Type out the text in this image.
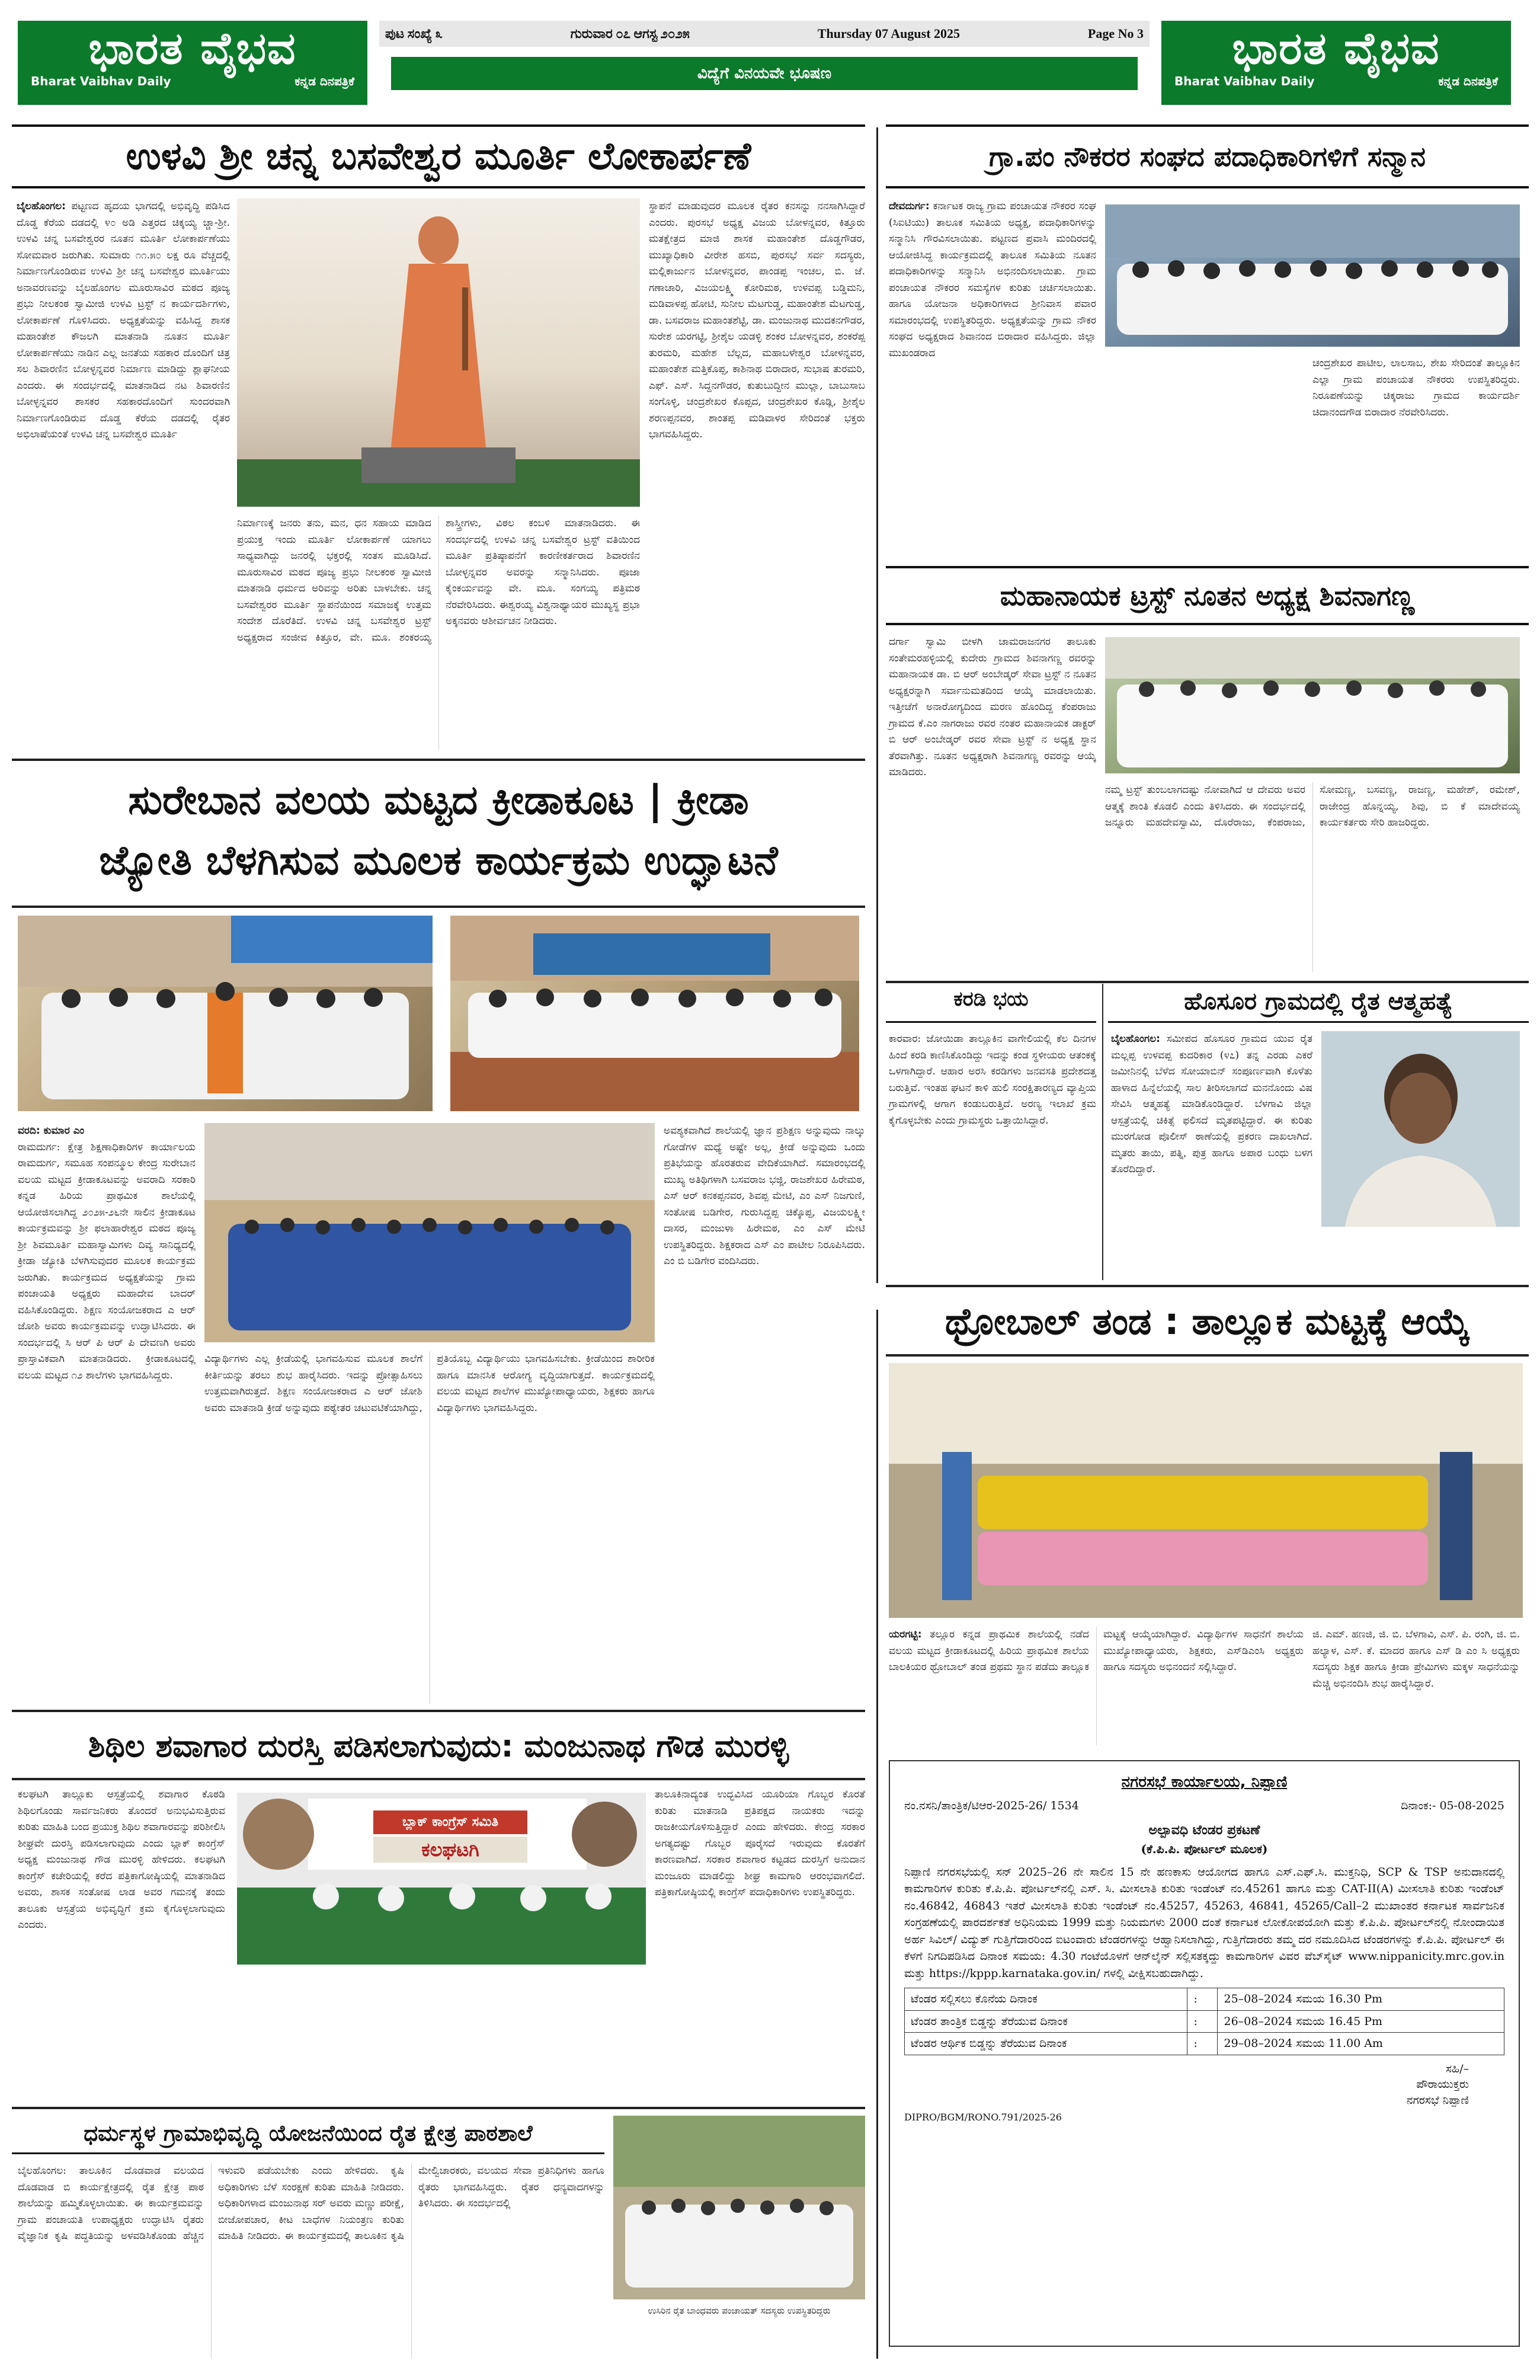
ಭಾರತ ವೈಭವ
Bharat Vaibhav Daily	ಕನ್ನಡ ದಿನಪತ್ರಿಕೆ
ಪುಟ ಸಂಖ್ಯೆ ೩	ಗುರುವಾರ ೦೭ ಆಗಸ್ಟ ೨೦೨೫	Thursday 07 August 2025	Page No 3
ವಿದ್ಯೆಗೆ ವಿನಯವೇ ಭೂಷಣ	ಭಾರತ ವೈಭವ
Bharat Vaibhav Daily	ಕನ್ನಡ ದಿನಪತ್ರಿಕೆ
ಉಳವಿ ಶ್ರೀ ಚನ್ನ ಬಸವೇಶ್ವರ ಮೂರ್ತಿ ಲೋಕಾರ್ಪಣೆ
ಬೈಲಹೊಂಗಲ: ಪಟ್ಟಣದ ಹೃದಯ ಭಾಗದಲ್ಲಿ ಅಭಿವೃದ್ಧಿ ಪಡಿಸಿದ ದೊಡ್ಡ ಕೆರೆಯ ದಡದಲ್ಲಿ ೪೦ ಅಡಿ ಎತ್ತರದ ಚಿಕ್ಕಯ್ಯ ಚ್ಚಾ-ಶ್ರೀ. ಉಳವಿ ಚನ್ನ ಬಸವೇಶ್ವರರ ನೂತನ ಮೂರ್ತಿ ಲೋಕಾರ್ಪಣೆಯು ಸೋಮವಾರ ಜರುಗಿತು. ಸುಮಾರು ೧೧.೫೦ ಲಕ್ಷ ರೂ ವೆಚ್ಚದಲ್ಲಿ ನಿರ್ಮಾಣಗೊಂಡಿರುವ ಉಳವಿ ಶ್ರೀ ಚನ್ನ ಬಸವೇಶ್ವರ ಮೂರ್ತಿಯು ಅನಾವರಣವನ್ನು ಬೈಲಹೊಂಗಲ ಮೂರುಸಾವಿರ ಮಠದ ಪೂಜ್ಯ ಪ್ರಭು ನೀಲಕಂಠ ಸ್ವಾಮೀಜಿ ಉಳವಿ ಟ್ರಸ್ಟ್ ನ ಕಾರ್ಯದರ್ಶಿಗಳು, ಲೋಕಾರ್ಪಣೆ ಗೊಳಿಸಿದರು. ಅಧ್ಯಕ್ಷತೆಯನ್ನು ವಹಿಸಿದ್ದ ಶಾಸಕ ಮಹಾಂತೇಶ ಕೌಜಲಗಿ ಮಾತನಾಡಿ ನೂತನ ಮೂರ್ತಿ ಲೋಕಾರ್ಪಣೆಯು ನಾಡಿನ ಎಲ್ಲ ಜನತೆಯ ಸಹಕಾರ ದೊಂದಿಗೆ ಚಿತ್ರ ಸಲ ಶಿವಾರಣಿನ ಬೋಳ್ಳನ್ನವರ ನಿರ್ಮಾಣ ಮಾಡಿದ್ದು ಶ್ಲಾಘನೀಯ ಎಂದರು. ಈ ಸಂದರ್ಭದಲ್ಲಿ ಮಾತನಾಡಿದ ನಟ ಶಿವಾರಣಿನ ಬೋಳ್ಳನ್ನವರ ಶಾಸಕರ ಸಹಕಾರದೊಂದಿಗೆ ಸುಂದರವಾಗಿ ನಿರ್ಮಾಣಗೊಂಡಿರುವ ದೊಡ್ಡ ಕೆರೆಯ ದಡದಲ್ಲಿ ರೈತರ ಅಭಿಲಾಷೆಯಂತೆ ಉಳವಿ ಚನ್ನ ಬಸವೇಶ್ವರ ಮೂರ್ತಿ
ನಿರ್ಮಾಣಕ್ಕೆ ಜನರು ತನು, ಮನ, ಧನ ಸಹಾಯ ಮಾಡಿದ ಪ್ರಯುಕ್ತ ಇಂದು ಮೂರ್ತಿ ಲೋಕಾರ್ಪಣೆ ಯಾಗಲು ಸಾಧ್ಯವಾಗಿದ್ದು ಜನರಲ್ಲಿ ಭಕ್ತರಲ್ಲಿ ಸಂತಸ ಮೂಡಿಸಿದೆ. ಮೂರುಸಾವಿರ ಮಠದ ಪೂಜ್ಯ ಪ್ರಭು ನೀಲಕಂಠ ಸ್ವಾಮೀಜಿ ಮಾತನಾಡಿ ಧರ್ಮದ ಅರಿವನ್ನು ಅರಿತು ಬಾಳಬೇಕು. ಚನ್ನ ಬಸವೇಶ್ವರರ ಮೂರ್ತಿ ಸ್ಥಾಪನೆಯಿಂದ ಸಮಾಜಕ್ಕೆ ಉತ್ತಮ ಸಂದೇಶ ದೊರೆತಿದೆ. ಉಳವಿ ಚನ್ನ ಬಸವೇಶ್ವರ ಟ್ರಸ್ಟ್ ಅಧ್ಯಕ್ಷರಾದ ಸಂಜೀವ ಕಿತ್ತೂರ, ವೇ. ಮೂ. ಶಂಕರಯ್ಯ ಶಾಸ್ತ್ರೀಗಳು, ವಿಠಲ ಕಂಬಳಿ ಮಾತನಾಡಿದರು. ಈ ಸಂದರ್ಭದಲ್ಲಿ ಉಳವಿ ಚನ್ನ ಬಸವೇಶ್ವರ ಟ್ರಸ್ಟ್ ವತಿಯಿಂದ ಮೂರ್ತಿ ಪ್ರತಿಷ್ಠಾಪನೆಗೆ ಕಾರಣೀಕರ್ತರಾದ ಶಿವಾರಣಿನ ಬೋಳ್ಳನ್ನವರ ಅವರನ್ನು ಸನ್ಮಾನಿಸಿದರು. ಪೂಜಾ ಕೈಂಕರ್ಯವನ್ನು ವೇ. ಮೂ. ಸಂಗಯ್ಯ ಪತ್ರಿಮಠ ನೆರವೇರಿಸಿದರು. ಈಶ್ವರಯ್ಯ ವಿಶ್ವನಾಥ್ಯಾಯರ ಮುಖ್ಯಸ್ಥ ಪ್ರಭಾ ಅಕ್ಕನವರು ಆಶೀರ್ವಚನ ನೀಡಿದರು.
ಸ್ಥಾಪನೆ ಮಾಡುವುದರ ಮೂಲಕ ರೈತರ ಕನಸನ್ನು ನನಸಾಗಿಸಿದ್ದಾರೆ ಎಂದರು. ಪುರಸಭೆ ಅಧ್ಯಕ್ಷ ವಿಜಯ ಬೋಳನ್ನವರ, ಕಿತ್ತೂರು ಮತಕ್ಷೇತ್ರದ ಮಾಜಿ ಶಾಸಕ ಮಹಾಂತೇಶ ದೊಡ್ಡಗೌಡರ, ಮುಖ್ಯಾಧಿಕಾರಿ ವೀರೇಶ ಹಸಬಿ, ಪುರಸಭೆ ಸರ್ವ ಸದಸ್ಯರು, ಮಲ್ಲಿಕಾರ್ಜುನ ಬೋಳನ್ನವರ, ಪಾಂಡಪ್ಪ ಇಂಚಲ, ಬಿ. ಜೆ. ಗಣಾಚಾರಿ, ವಿಜಯಲಕ್ಷ್ಮಿ ಕೋರಿಮಠ, ಉಳವಪ್ಪ ಬಡ್ಡಿಮನಿ, ಮಡಿವಾಳಪ್ಪ ಹೋಟಿ, ಸುನೀಲ ಮೆಟಗುಡ್ಡ, ಮಹಾಂತೇಶ ಮೆಟಗುಡ್ಡ, ಡಾ. ಬಸವರಾಜ ಮಹಾಂತಶೆಟ್ಟಿ, ಡಾ. ಮಂಜುನಾಥ ಮುದಕನಗೌಡರ, ಸುರೇಶ ಯರಗಟ್ಟಿ, ಶ್ರೀಶೈಲ ಯಡಳ್ಳಿ ಶಂಕರ ಬೋಳನ್ನವರ, ಶಂಕರೆಪ್ಪ ತುರಮರಿ, ಮಹೇಶ ಬೆಲ್ಲದ, ಮಹಾಬಳೇಶ್ವರ ಬೋಳನ್ನವರ, ಮಹಾಂತೇಶ ಮತ್ತಿಕೊಪ್ಪ, ಕಾಶಿನಾಥ ಬಿರಾದಾರ, ಸುಭಾಷ ತುರಮರಿ, ಎಫ್. ಎಸ್. ಸಿದ್ದನಗೌಡರ, ಕುತುಬುದ್ದೀನ ಮುಲ್ಲಾ, ಬಾಬುಸಾಬ ಸಂಗೊಳ್ಳಿ, ಚಂದ್ರಶೇಖರ ಕೊಪ್ಪದ, ಚಂದ್ರಶೇಖರ ಕೊಡ್ಲಿ, ಶ್ರೀಶೈಲ ಶರಣಪ್ಪನವರ, ಶಾಂತಪ್ಪ ಮಡಿವಾಳರ ಸೇರಿದಂತೆ ಭಕ್ತರು ಭಾಗವಹಿಸಿದ್ದರು.
ಗ್ರಾ.ಪಂ ನೌಕರರ ಸಂಘದ ಪದಾಧಿಕಾರಿಗಳಿಗೆ ಸನ್ಮಾನ
ದೇವದುರ್ಗ: ಕರ್ನಾಟಕ ರಾಜ್ಯ ಗ್ರಾಮ ಪಂಚಾಯತ ನೌಕರರ ಸಂಘ (ಸಿಐಟಿಯು) ತಾಲೂಕ ಸಮಿತಿಯ ಅಧ್ಯಕ್ಷ, ಪದಾಧಿಕಾರಿಗಳನ್ನು ಸನ್ಮಾನಿಸಿ ಗೌರವಿಸಲಾಯಿತು. ಪಟ್ಟಣದ ಪ್ರವಾಸಿ ಮಂದಿರದಲ್ಲಿ ಆಯೋಜಿಸಿದ್ದ ಕಾರ್ಯಕ್ರಮದಲ್ಲಿ ತಾಲೂಕ ಸಮಿತಿಯ ನೂತನ ಪದಾಧಿಕಾರಿಗಳನ್ನು ಸನ್ಮಾನಿಸಿ ಅಭಿನಂದಿಸಲಾಯಿತು. ಗ್ರಾಮ ಪಂಚಾಯತ ನೌಕರರ ಸಮಸ್ಯೆಗಳ ಕುರಿತು ಚರ್ಚಿಸಲಾಯಿತು. ಹಾಗೂ ಯೋಜನಾ ಅಧಿಕಾರಿಗಳಾದ ಶ್ರೀನಿವಾಸ ಪವಾರ ಸಮಾರಂಭದಲ್ಲಿ ಉಪಸ್ಥಿತರಿದ್ದರು. ಅಧ್ಯಕ್ಷತೆಯನ್ನು ಗ್ರಾಮ ನೌಕರ ಸಂಘದ ಅಧ್ಯಕ್ಷರಾದ ಶಿವಾನಂದ ಬಿರಾದಾರ ವಹಿಸಿದ್ದರು. ಜಿಲ್ಲಾ ಮುಖಂಡರಾದ
ಚಂದ್ರಶೇಖರ ಪಾಟೀಲ, ಲಾಲಸಾಬ, ಶೇಖ ಸೇರಿದಂತೆ ತಾಲ್ಲೂಕಿನ ಎಲ್ಲಾ ಗ್ರಾಮ ಪಂಚಾಯತ ನೌಕರರು ಉಪಸ್ಥಿತರಿದ್ದರು. ನಿರೂಪಣೆಯನ್ನು ಚಿಕ್ಕರಾಜು ಗ್ರಾಮದ ಕಾರ್ಯದರ್ಶಿ ಚಿದಾನಂದಗೌಡ ಬಿರಾದಾರ ನೆರವೇರಿಸಿದರು.
ಮಹಾನಾಯಕ ಟ್ರಸ್ಟ್ ನೂತನ ಅಧ್ಯಕ್ಷ ಶಿವನಾಗಣ್ಣ
ದರ್ಗಾ ಸ್ವಾಮಿ ಬೀಳಗಿ ಚಾಮರಾಜನಗರ ತಾಲೂಕು ಸಂತೇಮರಹಳ್ಳಿಯಲ್ಲಿ ಕುದೇರು ಗ್ರಾಮದ ಶಿವನಾಗಣ್ಣ ರವರನ್ನು ಮಹಾನಾಯಕ ಡಾ. ಬಿ ಆರ್ ಅಂಬೇಡ್ಕರ್ ಸೇವಾ ಟ್ರಸ್ಟ್ ನ ನೂತನ ಅಧ್ಯಕ್ಷರನ್ನಾಗಿ ಸರ್ವಾನುಮತದಿಂದ ಆಯ್ಕೆ ಮಾಡಲಾಯಿತು. ಇತ್ತೀಚೆಗೆ ಅನಾರೋಗ್ಯದಿಂದ ಮರಣ ಹೊಂದಿದ್ದ ಕೆಂಪರಾಜು ಗ್ರಾಮದ ಕೆ.ಎಂ ನಾಗರಾಜು ರವರ ನಂತರ ಮಹಾನಾಯಕ ಡಾಕ್ಟರ್ ಬಿ ಆರ್ ಅಂಬೇಡ್ಕರ್ ರವರ ಸೇವಾ ಟ್ರಸ್ಟ್ ನ ಅಧ್ಯಕ್ಷ ಸ್ಥಾನ ತೆರವಾಗಿತ್ತು. ನೂತನ ಅಧ್ಯಕ್ಷರಾಗಿ ಶಿವನಾಗಣ್ಣ ರವರನ್ನು ಆಯ್ಕೆ ಮಾಡಿದರು.
ನಮ್ಮ ಟ್ರಸ್ಟ್ ತುಂಬಲಾಗದಷ್ಟು ನೋವಾಗಿದೆ ಆ ದೇವರು ಅವರ ಆತ್ಮಕ್ಕೆ ಶಾಂತಿ ಕೊಡಲಿ ಎಂದು ತಿಳಿಸಿದರು. ಈ ಸಂದರ್ಭದಲ್ಲಿ ಜನ್ನೂರು ಮಹದೇವಸ್ವಾಮಿ, ದೊರೆರಾಜು, ಕೆಂಪರಾಜು, ಸೋಮಣ್ಣ, ಬಸವಣ್ಣ, ರಾಜಣ್ಣ, ಮಹೇಶ್, ರಮೇಶ್, ರಾಜೇಂದ್ರ ಹೊನ್ನಯ್ಯ, ಶಿವು, ಬಿ ಕೆ ಮಾದೇವಯ್ಯ ಕಾರ್ಯಕರ್ತರು ಸೇರಿ ಹಾಜರಿದ್ದರು.
ಸುರೇಬಾನ ವಲಯ ಮಟ್ಟದ ಕ್ರೀಡಾಕೂಟ | ಕ್ರೀಡಾ
ಜ್ಯೋತಿ ಬೆಳಗಿಸುವ ಮೂಲಕ ಕಾರ್ಯಕ್ರಮ ಉದ್ಘಾಟನೆ
ವರದಿ: ಕುಮಾರ ಎಂ
ರಾಮದುರ್ಗ: ಕ್ಷೇತ್ರ ಶಿಕ್ಷಣಾಧಿಕಾರಿಗಳ ಕಾರ್ಯಾಲಯ ರಾಮದುರ್ಗ, ಸಮೂಹ ಸಂಪನ್ಮೂಲ ಕೇಂದ್ರ ಸುರೇಬಾನ ವಲಯ ಮಟ್ಟದ ಕ್ರೀಡಾಕೂಟವನ್ನು ಅವರಾದಿ ಸರಕಾರಿ ಕನ್ನಡ ಹಿರಿಯ ಪ್ರಾಥಮಿಕ ಶಾಲೆಯಲ್ಲಿ ಆಯೋಜಿಸಲಾಗಿದ್ದ ೨೦೨೫-೨೬ನೇ ಸಾಲಿನ ಕ್ರೀಡಾಕೂಟ ಕಾರ್ಯಕ್ರಮವನ್ನು ಶ್ರೀ ಫಲಾಹಾರೇಶ್ವರ ಮಠದ ಪೂಜ್ಯ ಶ್ರೀ ಶಿವಮೂರ್ತಿ ಮಹಾಸ್ವಾಮಿಗಳು ದಿವ್ಯ ಸಾನಿಧ್ಯದಲ್ಲಿ ಕ್ರೀಡಾ ಜ್ಯೋತಿ ಬೆಳಗಿಸುವುದರ ಮೂಲಕ ಕಾರ್ಯಕ್ರಮ ಜರುಗಿತು. ಕಾರ್ಯಕ್ರಮದ ಅಧ್ಯಕ್ಷತೆಯನ್ನು ಗ್ರಾಮ ಪಂಚಾಯತಿ ಅಧ್ಯಕ್ಷರು ಮಹಾದೇವ ಬಾದರ್ ವಹಿಸಿಕೊಂಡಿದ್ದರು. ಶಿಕ್ಷಣ ಸಂಯೋಜಕರಾದ ಎ ಆರ್ ಜೋಶಿ ಅವರು ಕಾರ್ಯಕ್ರಮವನ್ನು ಉದ್ಘಾಟಿಸಿದರು. ಈ ಸಂದರ್ಭದಲ್ಲಿ ಸಿ ಆರ್ ಪಿ ಆರ್ ಪಿ ದೇವಣಗಿ ಅವರು ಪ್ರಾಸ್ತಾವಿಕವಾಗಿ ಮಾತನಾಡಿದರು. ಕ್ರೀಡಾಕೂಟದಲ್ಲಿ ವಲಯ ಮಟ್ಟದ ೧೨ ಶಾಲೆಗಳು ಭಾಗವಹಿಸಿದ್ದರು.
ವಿದ್ಯಾರ್ಥಿಗಳು ಎಲ್ಲ ಕ್ರೀಡೆಯಲ್ಲಿ ಭಾಗವಹಿಸುವ ಮೂಲಕ ಶಾಲೆಗೆ ಕೀರ್ತಿಯನ್ನು ತರಲು ಶುಭ ಹಾರೈಸಿದರು. ಇದನ್ನು ಪ್ರೋತ್ಸಾಹಿಸಲು ಉತ್ತಮವಾಗಿರುತ್ತದೆ. ಶಿಕ್ಷಣ ಸಂಯೋಜಕರಾದ ಎ ಆರ್ ಜೋಶಿ ಅವರು ಮಾತನಾಡಿ ಕ್ರೀಡೆ ಅನ್ನುವುದು ಪಠ್ಯೇತರ ಚಟುವಟಿಕೆಯಾಗಿದ್ದು, ಪ್ರತಿಯೊಬ್ಬ ವಿದ್ಯಾರ್ಥಿಯು ಭಾಗವಹಿಸಬೇಕು. ಕ್ರೀಡೆಯಿಂದ ಶಾರೀರಿಕ ಹಾಗೂ ಮಾನಸಿಕ ಆರೋಗ್ಯ ವೃದ್ಧಿಯಾಗುತ್ತದೆ. ಕಾರ್ಯಕ್ರಮದಲ್ಲಿ ವಲಯ ಮಟ್ಟದ ಶಾಲೆಗಳ ಮುಖ್ಯೋಪಾಧ್ಯಾಯರು, ಶಿಕ್ಷಕರು ಹಾಗೂ ವಿದ್ಯಾರ್ಥಿಗಳು ಭಾಗವಹಿಸಿದ್ದರು.
ಅವಶ್ಯಕವಾಗಿದೆ ಶಾಲೆಯಲ್ಲಿ ಜ್ಞಾನ ಪ್ರಶಿಕ್ಷಣ ಅನ್ನುವುದು ನಾಲ್ಕು ಗೋಡೆಗಳ ಮಧ್ಯೆ ಅಷ್ಟೇ ಅಲ್ಲ, ಕ್ರೀಡೆ ಅನ್ನುವುದು ಒಂದು ಪ್ರತಿಭೆಯನ್ನು ಹೊರತರುವ ವೇದಿಕೆಯಾಗಿದೆ. ಸಮಾರಂಭದಲ್ಲಿ ಮುಖ್ಯ ಅತಿಥಿಗಳಾಗಿ ಬಸವರಾಜ ಭಜ್ಜಿ, ರಾಜಶೇಖರ ಹಿರೇಮಠ, ಎಸ್ ಆರ್ ಕನಕಪ್ಪನವರ, ಶಿವಪ್ಪ ಮೇಟಿ, ಎಂ ಎಸ್ ನಿಜಗುಣಿ, ಸಂತೋಷ ಬಡಿಗೇರ, ಗುರುಸಿದ್ದಪ್ಪ ಚಿಕ್ಕೊಪ್ಪ, ವಿಜಯಲಕ್ಷ್ಮೀ ದಾಸರ, ಮಂಜುಳಾ ಹಿರೇಮಠ, ಎಂ ಎಸ್ ಮೇಟಿ ಉಪಸ್ಥಿತರಿದ್ದರು. ಶಿಕ್ಷಕರಾದ ಎಸ್ ಎಂ ಪಾಟೀಲ ನಿರೂಪಿಸಿದರು. ಎಂ ಬಿ ಬಡಿಗೇರ ವಂದಿಸಿದರು.
ಕರಡಿ ಭಯ
ಕಾರವಾರ: ಜೋಯಿಡಾ ತಾಲ್ಲೂಕಿನ ವಾಗೇಲಿಯಲ್ಲಿ ಕೆಲ ದಿನಗಳ ಹಿಂದೆ ಕರಡಿ ಕಾಣಿಸಿಕೊಂಡಿದ್ದು ಇದನ್ನು ಕಂಡ ಸ್ಥಳೀಯರು ಆತಂಕಕ್ಕೆ ಒಳಗಾಗಿದ್ದಾರೆ. ಆಹಾರ ಅರಸಿ ಕರಡಿಗಳು ಜನವಸತಿ ಪ್ರದೇಶದತ್ತ ಬರುತ್ತಿವೆ. ಇಂತಹ ಘಟನೆ ಕಾಳಿ ಹುಲಿ ಸಂರಕ್ಷಿತಾರಣ್ಯದ ವ್ಯಾಪ್ತಿಯ ಗ್ರಾಮಗಳಲ್ಲಿ ಆಗಾಗ ಕಂಡುಬರುತ್ತಿದೆ. ಅರಣ್ಯ ಇಲಾಖೆ ಕ್ರಮ ಕೈಗೊಳ್ಳಬೇಕು ಎಂದು ಗ್ರಾಮಸ್ಥರು ಒತ್ತಾಯಿಸಿದ್ದಾರೆ.
ಹೊಸೂರ ಗ್ರಾಮದಲ್ಲಿ ರೈತ ಆತ್ಮಹತ್ಯೆ
ಬೈಲಹೊಂಗಲ: ಸಮೀಪದ ಹೊಸೂರ ಗ್ರಾಮದ ಯುವ ರೈತ ಮಲ್ಲಪ್ಪ ಉಳವಪ್ಪ ಕುದರಿಕಾರ (೪೭) ತನ್ನ ಎರಡು ಎಕರೆ ಜಮೀನಿನಲ್ಲಿ ಬೆಳೆದ ಸೋಯಾಬಿನ್ ಸಂಪೂರ್ಣವಾಗಿ ಕೊಳೆತು ಹಾಳಾದ ಹಿನ್ನೆಲೆಯಲ್ಲಿ ಸಾಲ ತೀರಿಸಲಾಗದೆ ಮನನೊಂದು ವಿಷ ಸೇವಿಸಿ ಆತ್ಮಹತ್ಯೆ ಮಾಡಿಕೊಂಡಿದ್ದಾರೆ. ಬೆಳಗಾವಿ ಜಿಲ್ಲಾ ಆಸ್ಪತ್ರೆಯಲ್ಲಿ ಚಿಕಿತ್ಸೆ ಫಲಿಸದೆ ಮೃತಪಟ್ಟಿದ್ದಾರೆ. ಈ ಕುರಿತು ಮುರಗೋಡ ಪೊಲೀಸ್ ಠಾಣೆಯಲ್ಲಿ ಪ್ರಕರಣ ದಾಖಲಾಗಿದೆ. ಮೃತರು ತಾಯಿ, ಪತ್ನಿ, ಪುತ್ರ ಹಾಗೂ ಅಪಾರ ಬಂಧು ಬಳಗ ತೊರೆದಿದ್ದಾರೆ.
ಥ್ರೋಬಾಲ್ ತಂಡ : ತಾಲ್ಲೂಕ ಮಟ್ಟಕ್ಕೆ ಆಯ್ಕೆ
ಯರಗಟ್ಟಿ: ತಲ್ಲೂರ ಕನ್ನಡ ಪ್ರಾಥಮಿಕ ಶಾಲೆಯಲ್ಲಿ ನಡೆದ ವಲಯ ಮಟ್ಟದ ಕ್ರೀಡಾಕೂಟದಲ್ಲಿ ಹಿರಿಯ ಪ್ರಾಥಮಿಕ ಶಾಲೆಯ ಬಾಲಕಿಯರ ಥ್ರೋಬಾಲ್ ತಂಡ ಪ್ರಥಮ ಸ್ಥಾನ ಪಡೆದು ತಾಲ್ಲೂಕ ಮಟ್ಟಕ್ಕೆ ಆಯ್ಕೆಯಾಗಿದ್ದಾರೆ. ವಿದ್ಯಾರ್ಥಿಗಳ ಸಾಧನೆಗೆ ಶಾಲೆಯ ಮುಖ್ಯೋಪಾಧ್ಯಾಯರು, ಶಿಕ್ಷಕರು, ಎಸ್‌ಡಿಎಂಸಿ ಅಧ್ಯಕ್ಷರು ಹಾಗೂ ಸದಸ್ಯರು ಅಭಿನಂದನೆ ಸಲ್ಲಿಸಿದ್ದಾರೆ.
ಜಿ. ಎಮ್. ಹಣಜಿ, ಜಿ. ಬಿ. ಬೆಳಗಾವಿ, ಎಸ್. ಪಿ. ರಂಗಿ, ಜಿ. ಬಿ. ಹಲ್ಯಾಳ, ಎಸ್. ಕೆ. ಮಾದರ ಹಾಗೂ ಎಸ್ ಡಿ ಎಂ ಸಿ ಅಧ್ಯಕ್ಷರು ಸದಸ್ಯರು ಶಿಕ್ಷಕ ಹಾಗೂ ಕ್ರೀಡಾ ಪ್ರೇಮಿಗಳು ಮಕ್ಕಳ ಸಾಧನೆಯನ್ನು ಮೆಚ್ಚಿ ಅಭಿನಂದಿಸಿ ಶುಭ ಹಾರೈಸಿದ್ದಾರೆ.
ಶಿಥಿಲ ಶವಾಗಾರ ದುರಸ್ತಿ ಪಡಿಸಲಾಗುವುದು: ಮಂಜುನಾಥ ಗೌಡ ಮುರಳ್ಳಿ
ಕಲಘಟಗಿ ತಾಲ್ಲೂಕು ಆಸ್ಪತ್ರೆಯಲ್ಲಿ ಶವಾಗಾರ ಕೊಠಡಿ ಶಿಥಿಲಗೊಂಡು ಸಾರ್ವಜನಿಕರು ತೊಂದರೆ ಅನುಭವಿಸುತ್ತಿರುವ ಕುರಿತು ಮಾಹಿತಿ ಬಂದ ಪ್ರಯುಕ್ತ ಶಿಥಿಲ ಶವಾಗಾರವನ್ನು ಪರಿಶೀಲಿಸಿ ಶೀಘ್ರವೇ ದುರಸ್ತಿ ಪಡಿಸಲಾಗುವುದು ಎಂದು ಬ್ಲಾಕ್ ಕಾಂಗ್ರೆಸ್ ಅಧ್ಯಕ್ಷ ಮಂಜುನಾಥ ಗೌಡ ಮುರಳ್ಳಿ ಹೇಳಿದರು. ಕಲಘಟಗಿ ಕಾಂಗ್ರೆಸ್ ಕಚೇರಿಯಲ್ಲಿ ಕರೆದ ಪತ್ರಿಕಾಗೋಷ್ಠಿಯಲ್ಲಿ ಮಾತನಾಡಿದ ಅವರು, ಶಾಸಕ ಸಂತೋಷ ಲಾಡ ಅವರ ಗಮನಕ್ಕೆ ತಂದು ತಾಲೂಕು ಆಸ್ಪತ್ರೆಯ ಅಭಿವೃದ್ಧಿಗೆ ಕ್ರಮ ಕೈಗೊಳ್ಳಲಾಗುವುದು ಎಂದರು.
ಬ್ಲಾಕ್ ಕಾಂಗ್ರೆಸ್ ಸಮಿತಿ
ಕಲಘಟಗಿ
ತಾಲೂಕಿನಾದ್ಯಂತ ಉದ್ಭವಿಸಿದ ಯೂರಿಯಾ ಗೊಬ್ಬರ ಕೊರತೆ ಕುರಿತು ಮಾತನಾಡಿ ಪ್ರತಿಪಕ್ಷದ ನಾಯಕರು ಇದನ್ನು ರಾಜಕೀಯಗೊಳಿಸುತ್ತಿದ್ದಾರೆ ಎಂದು ಹೇಳಿದರು. ಕೇಂದ್ರ ಸರಕಾರ ಅಗತ್ಯದಷ್ಟು ಗೊಬ್ಬರ ಪೂರೈಸದೆ ಇರುವುದು ಕೊರತೆಗೆ ಕಾರಣವಾಗಿದೆ. ಸರಕಾರ ಶವಾಗಾರ ಕಟ್ಟಡದ ದುರಸ್ತಿಗೆ ಅನುದಾನ ಮಂಜೂರು ಮಾಡಲಿದ್ದು ಶೀಘ್ರ ಕಾಮಗಾರಿ ಆರಂಭವಾಗಲಿದೆ. ಪತ್ರಿಕಾಗೋಷ್ಠಿಯಲ್ಲಿ ಕಾಂಗ್ರೆಸ್ ಪದಾಧಿಕಾರಿಗಳು ಉಪಸ್ಥಿತರಿದ್ದರು.
ಧರ್ಮಸ್ಥಳ ಗ್ರಾಮಾಭಿವೃದ್ಧಿ ಯೋಜನೆಯಿಂದ ರೈತ ಕ್ಷೇತ್ರ ಪಾಠಶಾಲೆ
ಬೈಲಹೊಂಗಲ: ತಾಲೂಕಿನ ದೊಡವಾಡ ವಲಯದ ದೊಡವಾಡ ಬಿ ಕಾರ್ಯಕ್ಷೇತ್ರದಲ್ಲಿ ರೈತ ಕ್ಷೇತ್ರ ಪಾಠ ಶಾಲೆಯನ್ನು ಹಮ್ಮಿಕೊಳ್ಳಲಾಯಿತು. ಈ ಕಾರ್ಯಕ್ರಮವನ್ನು ಗ್ರಾಮ ಪಂಚಾಯತಿ ಉಪಾಧ್ಯಕ್ಷರು ಉದ್ಘಾಟಿಸಿ ರೈತರು ವೈಜ್ಞಾನಿಕ ಕೃಷಿ ಪದ್ಧತಿಯನ್ನು ಅಳವಡಿಸಿಕೊಂಡು ಹೆಚ್ಚಿನ ಇಳುವರಿ ಪಡೆಯಬೇಕು ಎಂದು ಹೇಳಿದರು. ಕೃಷಿ ಅಧಿಕಾರಿಗಳು ಬೆಳೆ ಸಂರಕ್ಷಣೆ ಕುರಿತು ಮಾಹಿತಿ ನೀಡಿದರು. ಅಧಿಕಾರಿಗಳಾದ ಮಂಜುನಾಥ ಸರ್ ಅವರು ಮಣ್ಣು ಪರೀಕ್ಷೆ, ಬೀಜೋಪಚಾರ, ಕೀಟ ಬಾಧೆಗಳ ನಿಯಂತ್ರಣ ಕುರಿತು ಮಾಹಿತಿ ನೀಡಿದರು. ಈ ಕಾರ್ಯಕ್ರಮದಲ್ಲಿ ತಾಲೂಕಿನ ಕೃಷಿ ಮೇಲ್ವಿಚಾರಕರು, ವಲಯದ ಸೇವಾ ಪ್ರತಿನಿಧಿಗಳು ಹಾಗೂ ರೈತರು ಭಾಗವಹಿಸಿದ್ದರು. ರೈತರ ಧನ್ಯವಾದಗಳನ್ನು ತಿಳಿಸಿದರು. ಈ ಸಂದರ್ಭದಲ್ಲಿ
ಉಸಿರಿನ ರೈತ ಬಾಂಧವರು ಪಂಚಾಯತ್ ಸದಸ್ಯರು ಉಪಸ್ಥಿತರಿದ್ದರು
ನಗರಸಭೆ ಕಾರ್ಯಾಲಯ, ನಿಪ್ಪಾಣಿ
ನಂ.ನಸನಿ/ತಾಂತ್ರಿಕ/ಟಿಆರ-2025-26/ 1534	ದಿನಾಂಕ:- 05-08-2025
ಅಲ್ಪಾವಧಿ ಟೆಂಡರ ಪ್ರಕಟಣೆ
(ಕೆ.ಪಿ.ಪಿ. ಪೋರ್ಟಲ್ ಮೂಲಕ)

ನಿಪ್ಪಾಣಿ ನಗರಸಭೆಯಲ್ಲಿ ಸನ್ 2025–26 ನೇ ಸಾಲಿನ 15 ನೇ ಹಣಕಾಸು ಆಯೋಗದ ಹಾಗೂ ಎಸ್.ಎಫ್.ಸಿ. ಮುಕ್ತನಿಧಿ, SCP & TSP ಅನುದಾನದಲ್ಲಿ ಕಾಮಗಾರಿಗಳ ಕುರಿತು ಕೆ.ಪಿ.ಪಿ. ಪೋರ್ಟಲ್‌ನಲ್ಲಿ ಎಸ್. ಸಿ. ಮೀಸಲಾತಿ ಕುರಿತು ಇಂಡೆಂಟ್ ನಂ.45261 ಹಾಗೂ ಮತ್ತು CAT-II(A) ಮೀಸಲಾತಿ ಕುರಿತು ಇಂಡೆಂಟ್ ನಂ.46842, 46843 ಇತರೆ ಮೀಸಲಾತಿ ಕುರಿತು ಇಂಡೆಂಟ್ ನಂ.45257, 45263, 46841, 45265/Call–2 ಮುಖಾಂತರ ಕರ್ನಾಟಕ ಸಾರ್ವಜನಿಕ ಸಂಗ್ರಹಣೆಯಲ್ಲಿ ಪಾರದರ್ಶಕತೆ ಅಧಿನಿಯಮ 1999 ಮತ್ತು ನಿಯಮಗಳು 2000 ದಂತೆ ಕರ್ನಾಟಕ ಲೋಕೋಪಯೋಗಿ ಮತ್ತು ಕೆ.ಪಿ.ಪಿ. ಪೋರ್ಟಲ್‌ನಲ್ಲಿ ನೋಂದಾಯಿತ ಅರ್ಹ ಸಿವಿಲ್/ ವಿದ್ಯುತ್ ಗುತ್ತಿಗೆದಾರರಿಂದ ಐಟಂವಾರು ಟೆಂಡರಗಳನ್ನು ಆಹ್ವಾನಿಸಲಾಗಿದ್ದು, ಗುತ್ತಿಗೆದಾರರು ತಮ್ಮ ದರ ನಮೂದಿಸಿದ ಟೆಂಡರಗಳನ್ನು ಕೆ.ಪಿ.ಪಿ. ಪೋರ್ಟಲ್ ಈ ಕೆಳಗೆ ನಿಗದಿಪಡಿಸಿದ ದಿನಾಂಕ ಸಮಯ: 4.30 ಗಂಟೆಯೊಳಗೆ ಆನ್‌ಲೈನ್ ಸಲ್ಲಿಸತಕ್ಕದ್ದು ಕಾಮಗಾರಿಗಳ ವಿವರ ವೆಬ್‌ಸೈಟ್ www.nippanicity.mrc.gov.in ಮತ್ತು https://kppp.karnataka.gov.in/ ಗಳಲ್ಲಿ ವೀಕ್ಷಿಸಬಹುದಾಗಿದ್ದು.

ಟೆಂಡರ ಸಲ್ಲಿಸಲು ಕೊನೆಯ ದಿನಾಂಕ	:	25–08–2024 ಸಮಯ 16.30 Pm
ಟೆಂಡರ ತಾಂತ್ರಿಕ ಬಿಡ್ಡನ್ನು ತೆರೆಯುವ ದಿನಾಂಕ	:	26–08–2024 ಸಮಯ 16.45 Pm
ಟೆಂಡರ ಆರ್ಥಿಕ ಬಿಡ್ಡನ್ನು ತೆರೆಯುವ ದಿನಾಂಕ	:	29–08–2024 ಸಮಯ 11.00 Am
ಸಹಿ/–
ಪೌರಾಯುಕ್ತರು
ನಗರಸಭೆ ನಿಪ್ಪಾಣಿ
DIPRO/BGM/RONO.791/2025-26
